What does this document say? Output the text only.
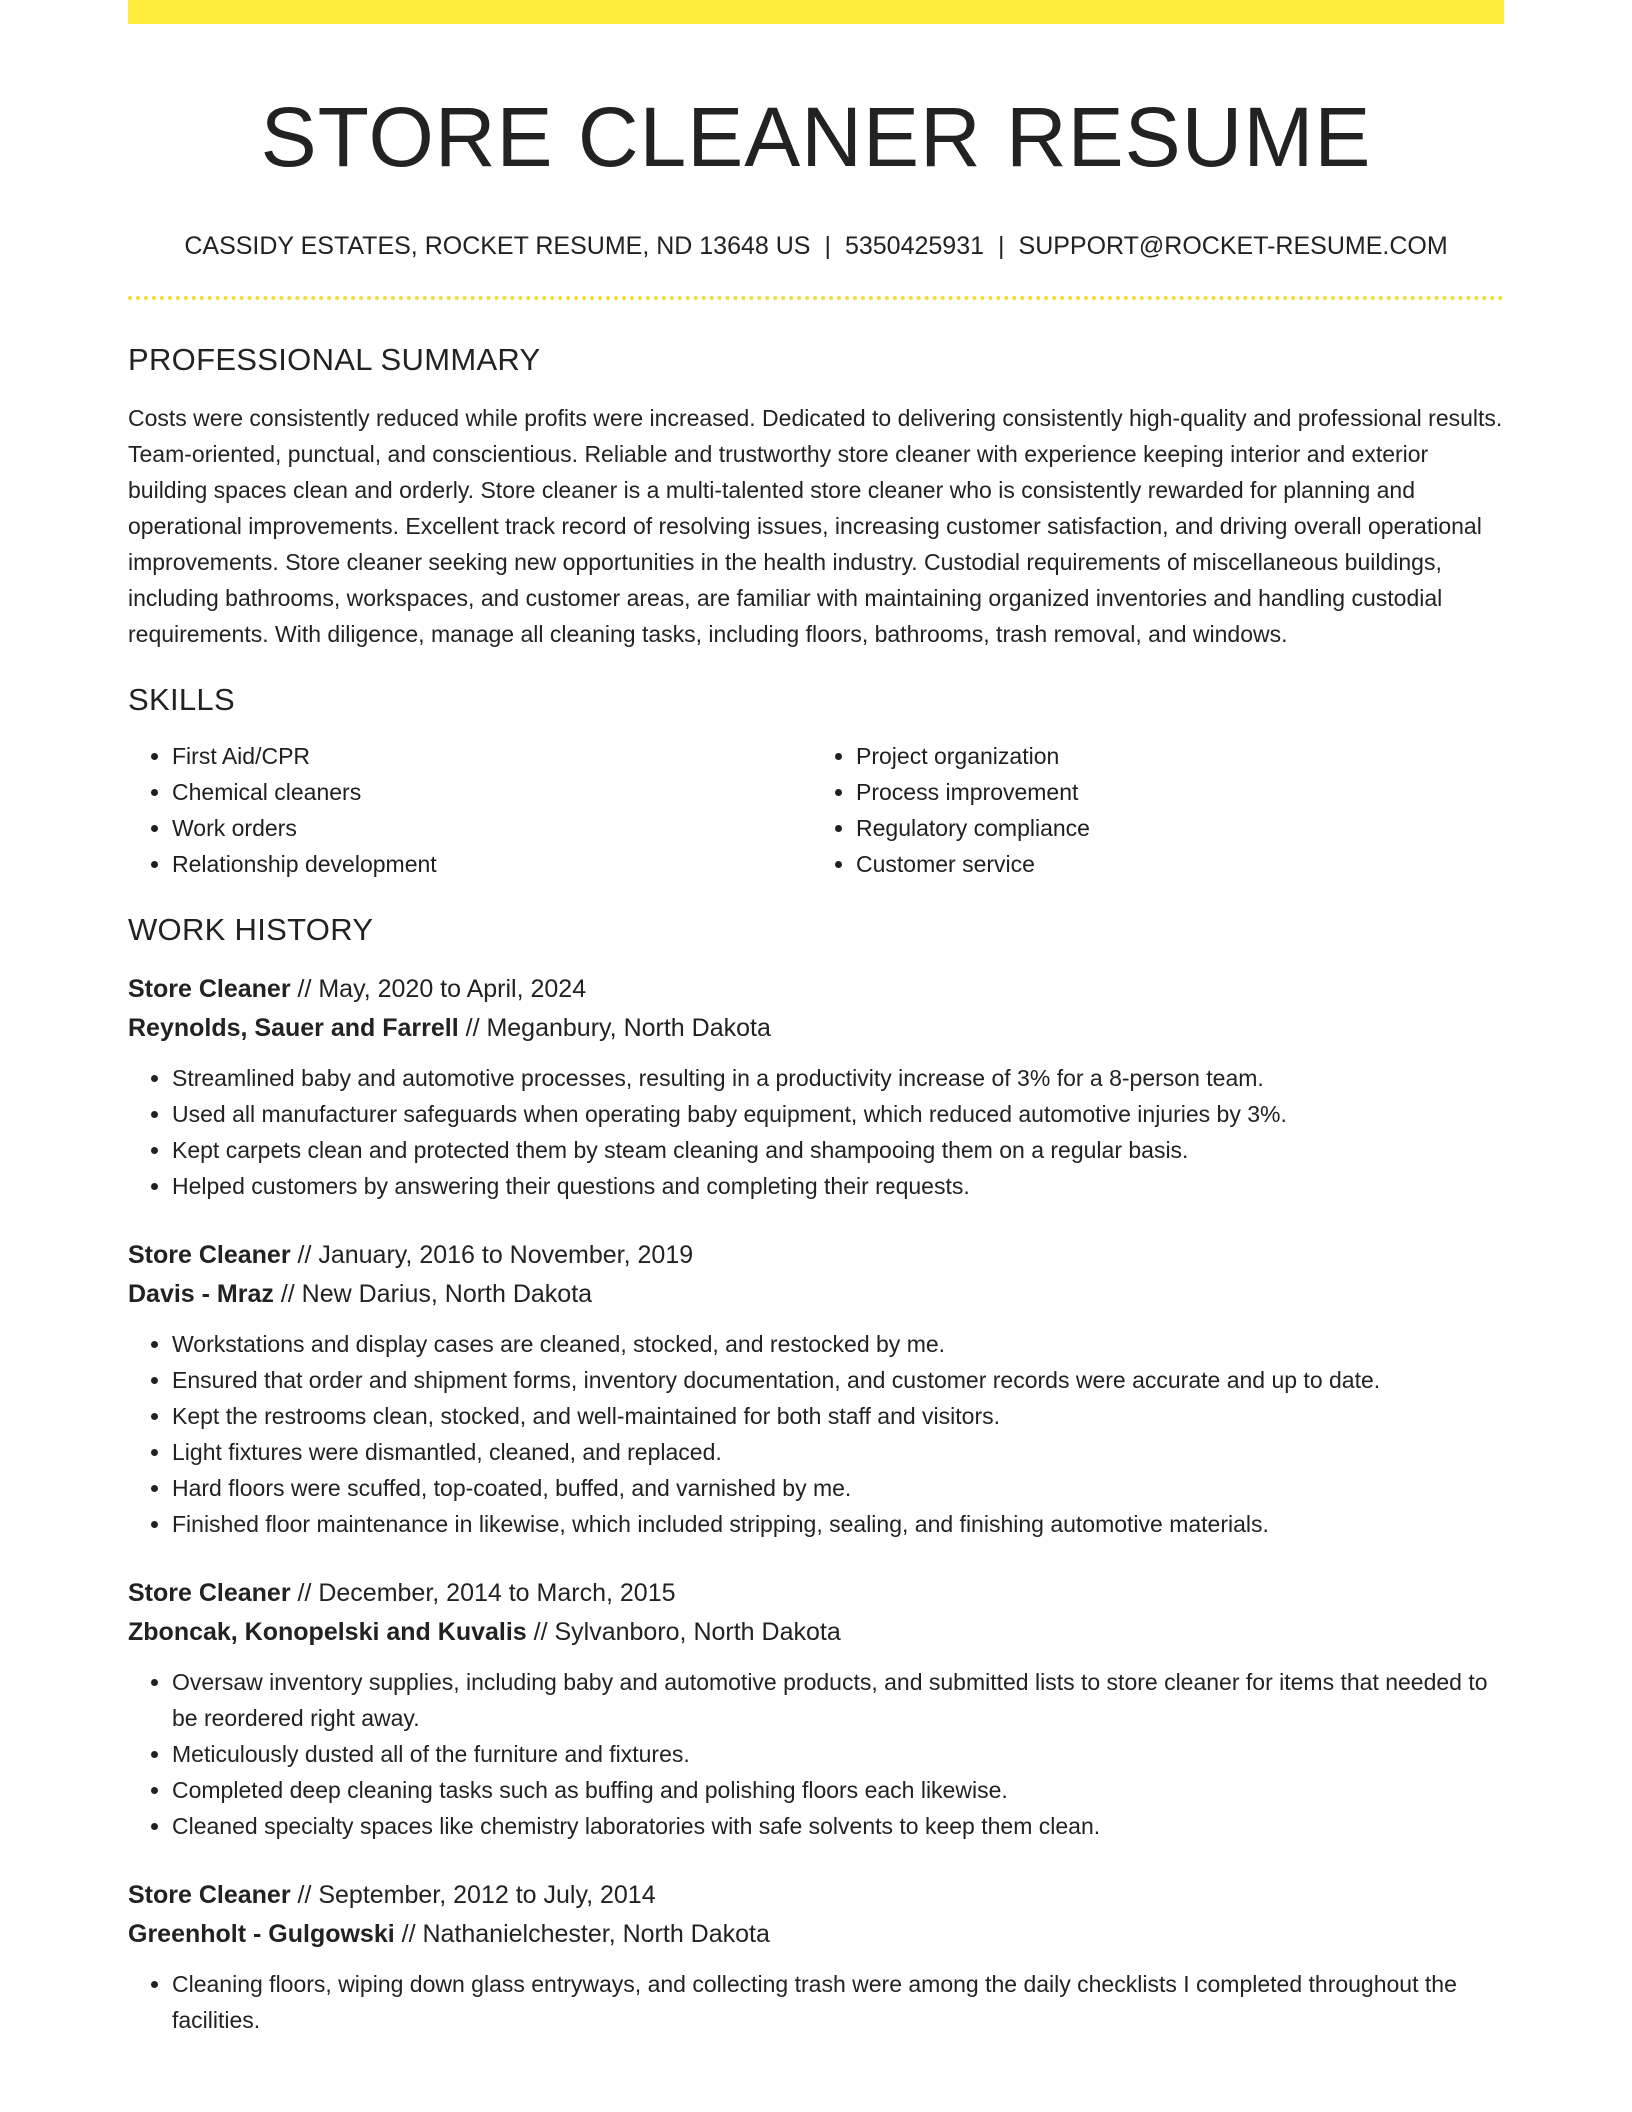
STORE CLEANER RESUME
CASSIDY ESTATES, ROCKET RESUME, ND 13648 US | 5350425931 | SUPPORT@ROCKET-RESUME.COM
PROFESSIONAL SUMMARY

Costs were consistently reduced while profits were increased. Dedicated to delivering consistently high-quality and professional results. Team-oriented, punctual, and conscientious. Reliable and trustworthy store cleaner with experience keeping interior and exterior building spaces clean and orderly. Store cleaner is a multi-talented store cleaner who is consistently rewarded for planning and operational improvements. Excellent track record of resolving issues, increasing customer satisfaction, and driving overall operational improvements. Store cleaner seeking new opportunities in the health industry. Custodial requirements of miscellaneous buildings, including bathrooms, workspaces, and customer areas, are familiar with maintaining organized inventories and handling custodial requirements. With diligence, manage all cleaning tasks, including floors, bathrooms, trash removal, and windows.

SKILLS
• First Aid/CPR
• Chemical cleaners
• Work orders
• Relationship development
• Project organization
• Process improvement
• Regulatory compliance
• Customer service
WORK HISTORY
Store Cleaner // May, 2020 to April, 2024
Reynolds, Sauer and Farrell // Meganbury, North Dakota
• Streamlined baby and automotive processes, resulting in a productivity increase of 3% for a 8-person team.
• Used all manufacturer safeguards when operating baby equipment, which reduced automotive injuries by 3%.
• Kept carpets clean and protected them by steam cleaning and shampooing them on a regular basis.
• Helped customers by answering their questions and completing their requests.
Store Cleaner // January, 2016 to November, 2019
Davis - Mraz // New Darius, North Dakota
• Workstations and display cases are cleaned, stocked, and restocked by me.
• Ensured that order and shipment forms, inventory documentation, and customer records were accurate and up to date.
• Kept the restrooms clean, stocked, and well-maintained for both staff and visitors.
• Light fixtures were dismantled, cleaned, and replaced.
• Hard floors were scuffed, top-coated, buffed, and varnished by me.
• Finished floor maintenance in likewise, which included stripping, sealing, and finishing automotive materials.
Store Cleaner // December, 2014 to March, 2015
Zboncak, Konopelski and Kuvalis // Sylvanboro, North Dakota
• Oversaw inventory supplies, including baby and automotive products, and submitted lists to store cleaner for items that needed to be reordered right away.
• Meticulously dusted all of the furniture and fixtures.
• Completed deep cleaning tasks such as buffing and polishing floors each likewise.
• Cleaned specialty spaces like chemistry laboratories with safe solvents to keep them clean.
Store Cleaner // September, 2012 to July, 2014
Greenholt - Gulgowski // Nathanielchester, North Dakota
• Cleaning floors, wiping down glass entryways, and collecting trash were among the daily checklists I completed throughout the facilities.
